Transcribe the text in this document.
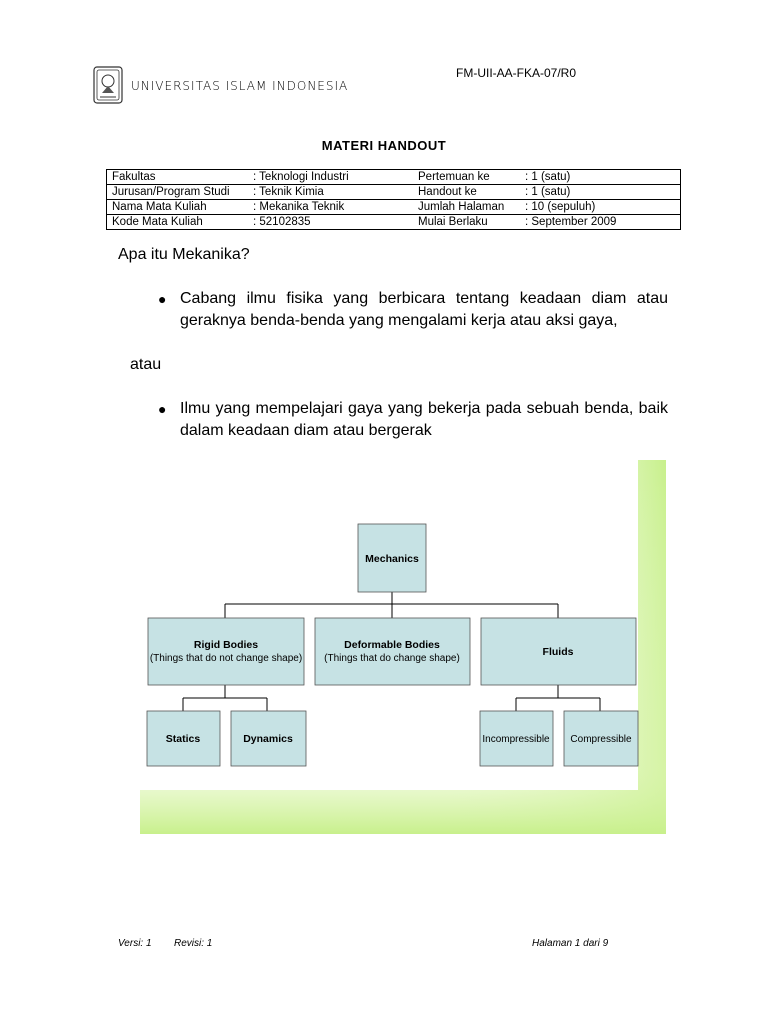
FM-UII-AA-FKA-07/R0
UNIVERSITAS ISLAM INDONESIA
MATERI HANDOUT
Fakultas	: Teknologi Industri	Pertemuan ke	: 1 (satu)
Jurusan/Program Studi	: Teknik Kimia	Handout ke	: 1 (satu)
Nama Mata Kuliah	: Mekanika Teknik	Jumlah Halaman	: 10 (sepuluh)
Kode Mata Kuliah	: 52102835	Mulai Berlaku	: September 2009
Apa itu Mekanika?
● Cabang ilmu fisika yang berbicara tentang keadaan diam atau geraknya benda-benda yang mengalami kerja atau aksi gaya,
atau
● Ilmu yang mempelajari gaya yang bekerja pada sebuah benda, baik dalam keadaan diam atau bergerak
Mechanics
Rigid Bodies
(Things that do not change shape)
Deformable Bodies
(Things that do change shape)
Fluids
Statics	Dynamics	Incompressible Compressible
Versi: 1 Revisi: 1	Halaman 1 dari 9
